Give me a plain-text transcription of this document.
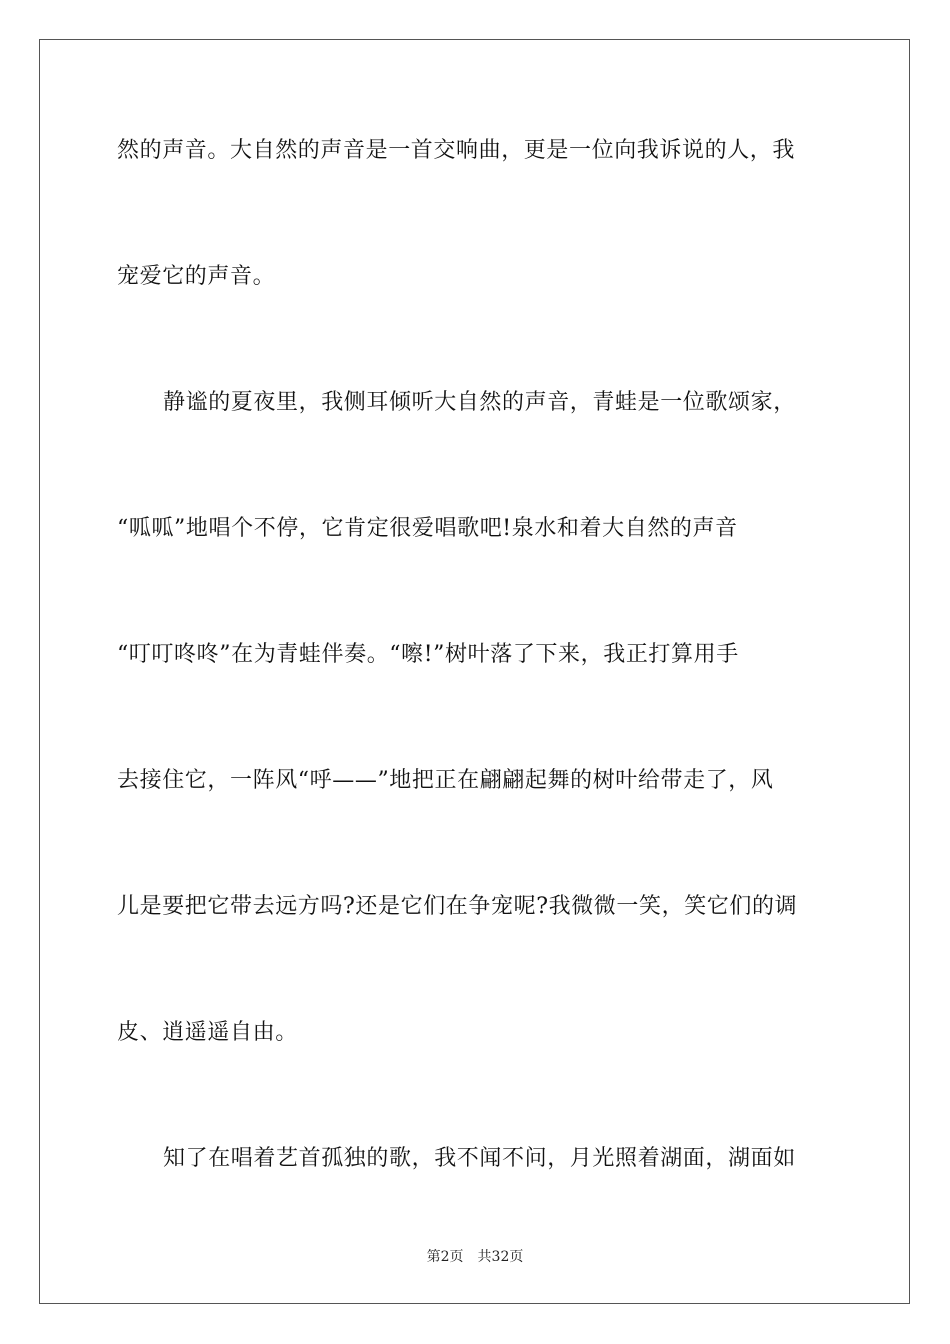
然的声音。大自然的声音是一首交响曲，更是一位向我诉说的人，我
宠爱它的声音。
静谧的夏夜里，我侧耳倾听大自然的声音，青蛙是一位歌颂家，
“呱呱”地唱个不停，它肯定很爱唱歌吧!泉水和着大自然的声音
“叮叮咚咚”在为青蛙伴奏。“嚓!”树叶落了下来，我正打算用手
去接住它，一阵风“呼——”地把正在翩翩起舞的树叶给带走了，风
儿是要把它带去远方吗?还是它们在争宠呢?我微微一笑，笑它们的调
皮、逍遥遥自由。
知了在唱着艺首孤独的歌，我不闻不问，月光照着湖面，湖面如
第2页 共32页
